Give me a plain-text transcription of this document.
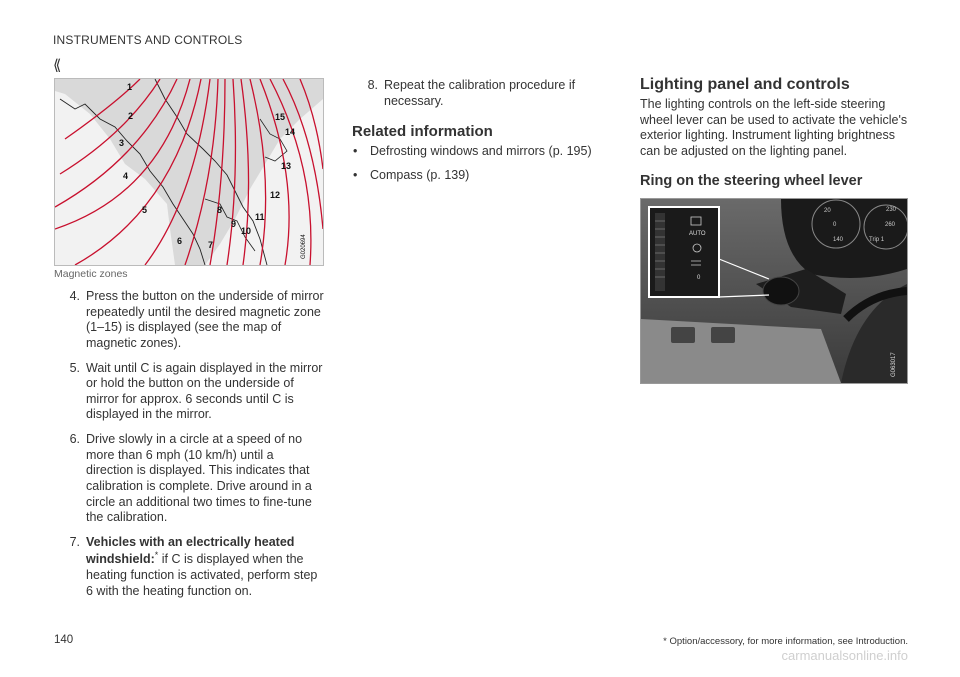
INSTRUMENTS AND CONTROLS
⟪
1
2
3
4
5
6	7
8
9
10
11
12
13
14
15
G020694
Magnetic zones
4. Press the button on the underside of mirror repeatedly until the desired magnetic zone (1–15) is displayed (see the map of magnetic zones).
5. Wait until C is again displayed in the mirror or hold the button on the underside of mirror for approx. 6 seconds until C is displayed in the mirror.
6. Drive slowly in a circle at a speed of no more than 6 mph (10 km/h) until a direction is displayed. This indicates that calibration is complete. Drive around in a circle an additional two times to fine-tune the calibration.
7. Vehicles with an electrically heated windshield:* if C is displayed when the heating function is activated, perform step 6 with the heating function on.
8. Repeat the calibration procedure if necessary.
Related information
• Defrosting windows and mirrors (p. 195)
• Compass (p. 139)
Lighting panel and controls
The lighting controls on the left-side steering wheel lever can be used to activate the vehicle's exterior lighting. Instrument lighting brightness can be adjusted on the lighting panel.
Ring on the steering wheel lever
20	230
0	260
140	Trip 1
AUTO
0
G063017
* Option/accessory, for more information, see Introduction.
140
carmanualsonline.info
